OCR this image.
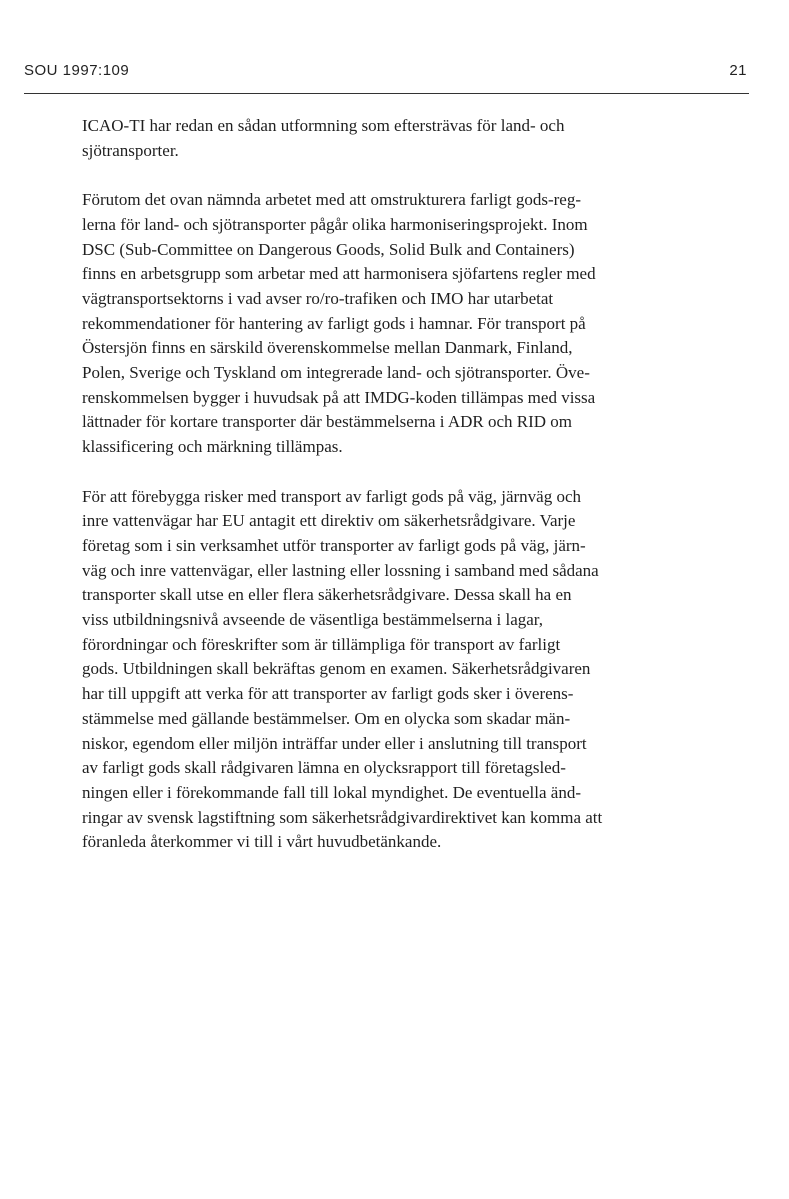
SOU 1997:109	21

ICAO-TI har redan en sådan utformning som eftersträvas för land- och
sjötransporter.

Förutom det ovan nämnda arbetet med att omstrukturera farligt gods-reg-
lerna för land- och sjötransporter pågår olika harmoniseringsprojekt. Inom
DSC (Sub-Committee on Dangerous Goods, Solid Bulk and Containers)
finns en arbetsgrupp som arbetar med att harmonisera sjöfartens regler med
vägtransportsektorns i vad avser ro/ro-trafiken och IMO har utarbetat
rekommendationer för hantering av farligt gods i hamnar. För transport på
Östersjön finns en särskild överenskommelse mellan Danmark, Finland,
Polen, Sverige och Tyskland om integrerade land- och sjötransporter. Öve-
renskommelsen bygger i huvudsak på att IMDG-koden tillämpas med vissa
lättnader för kortare transporter där bestämmelserna i ADR och RID om
klassificering och märkning tillämpas.

För att förebygga risker med transport av farligt gods på väg, järnväg och
inre vattenvägar har EU antagit ett direktiv om säkerhetsrådgivare. Varje
företag som i sin verksamhet utför transporter av farligt gods på väg, järn-
väg och inre vattenvägar, eller lastning eller lossning i samband med sådana
transporter skall utse en eller flera säkerhetsrådgivare. Dessa skall ha en
viss utbildningsnivå avseende de väsentliga bestämmelserna i lagar,
förordningar och föreskrifter som är tillämpliga för transport av farligt
gods. Utbildningen skall bekräftas genom en examen. Säkerhetsrådgivaren
har till uppgift att verka för att transporter av farligt gods sker i överens-
stämmelse med gällande bestämmelser. Om en olycka som skadar män-
niskor, egendom eller miljön inträffar under eller i anslutning till transport
av farligt gods skall rådgivaren lämna en olycksrapport till företagsled-
ningen eller i förekommande fall till lokal myndighet. De eventuella änd-
ringar av svensk lagstiftning som säkerhetsrådgivardirektivet kan komma att
föranleda återkommer vi till i vårt huvudbetänkande.
